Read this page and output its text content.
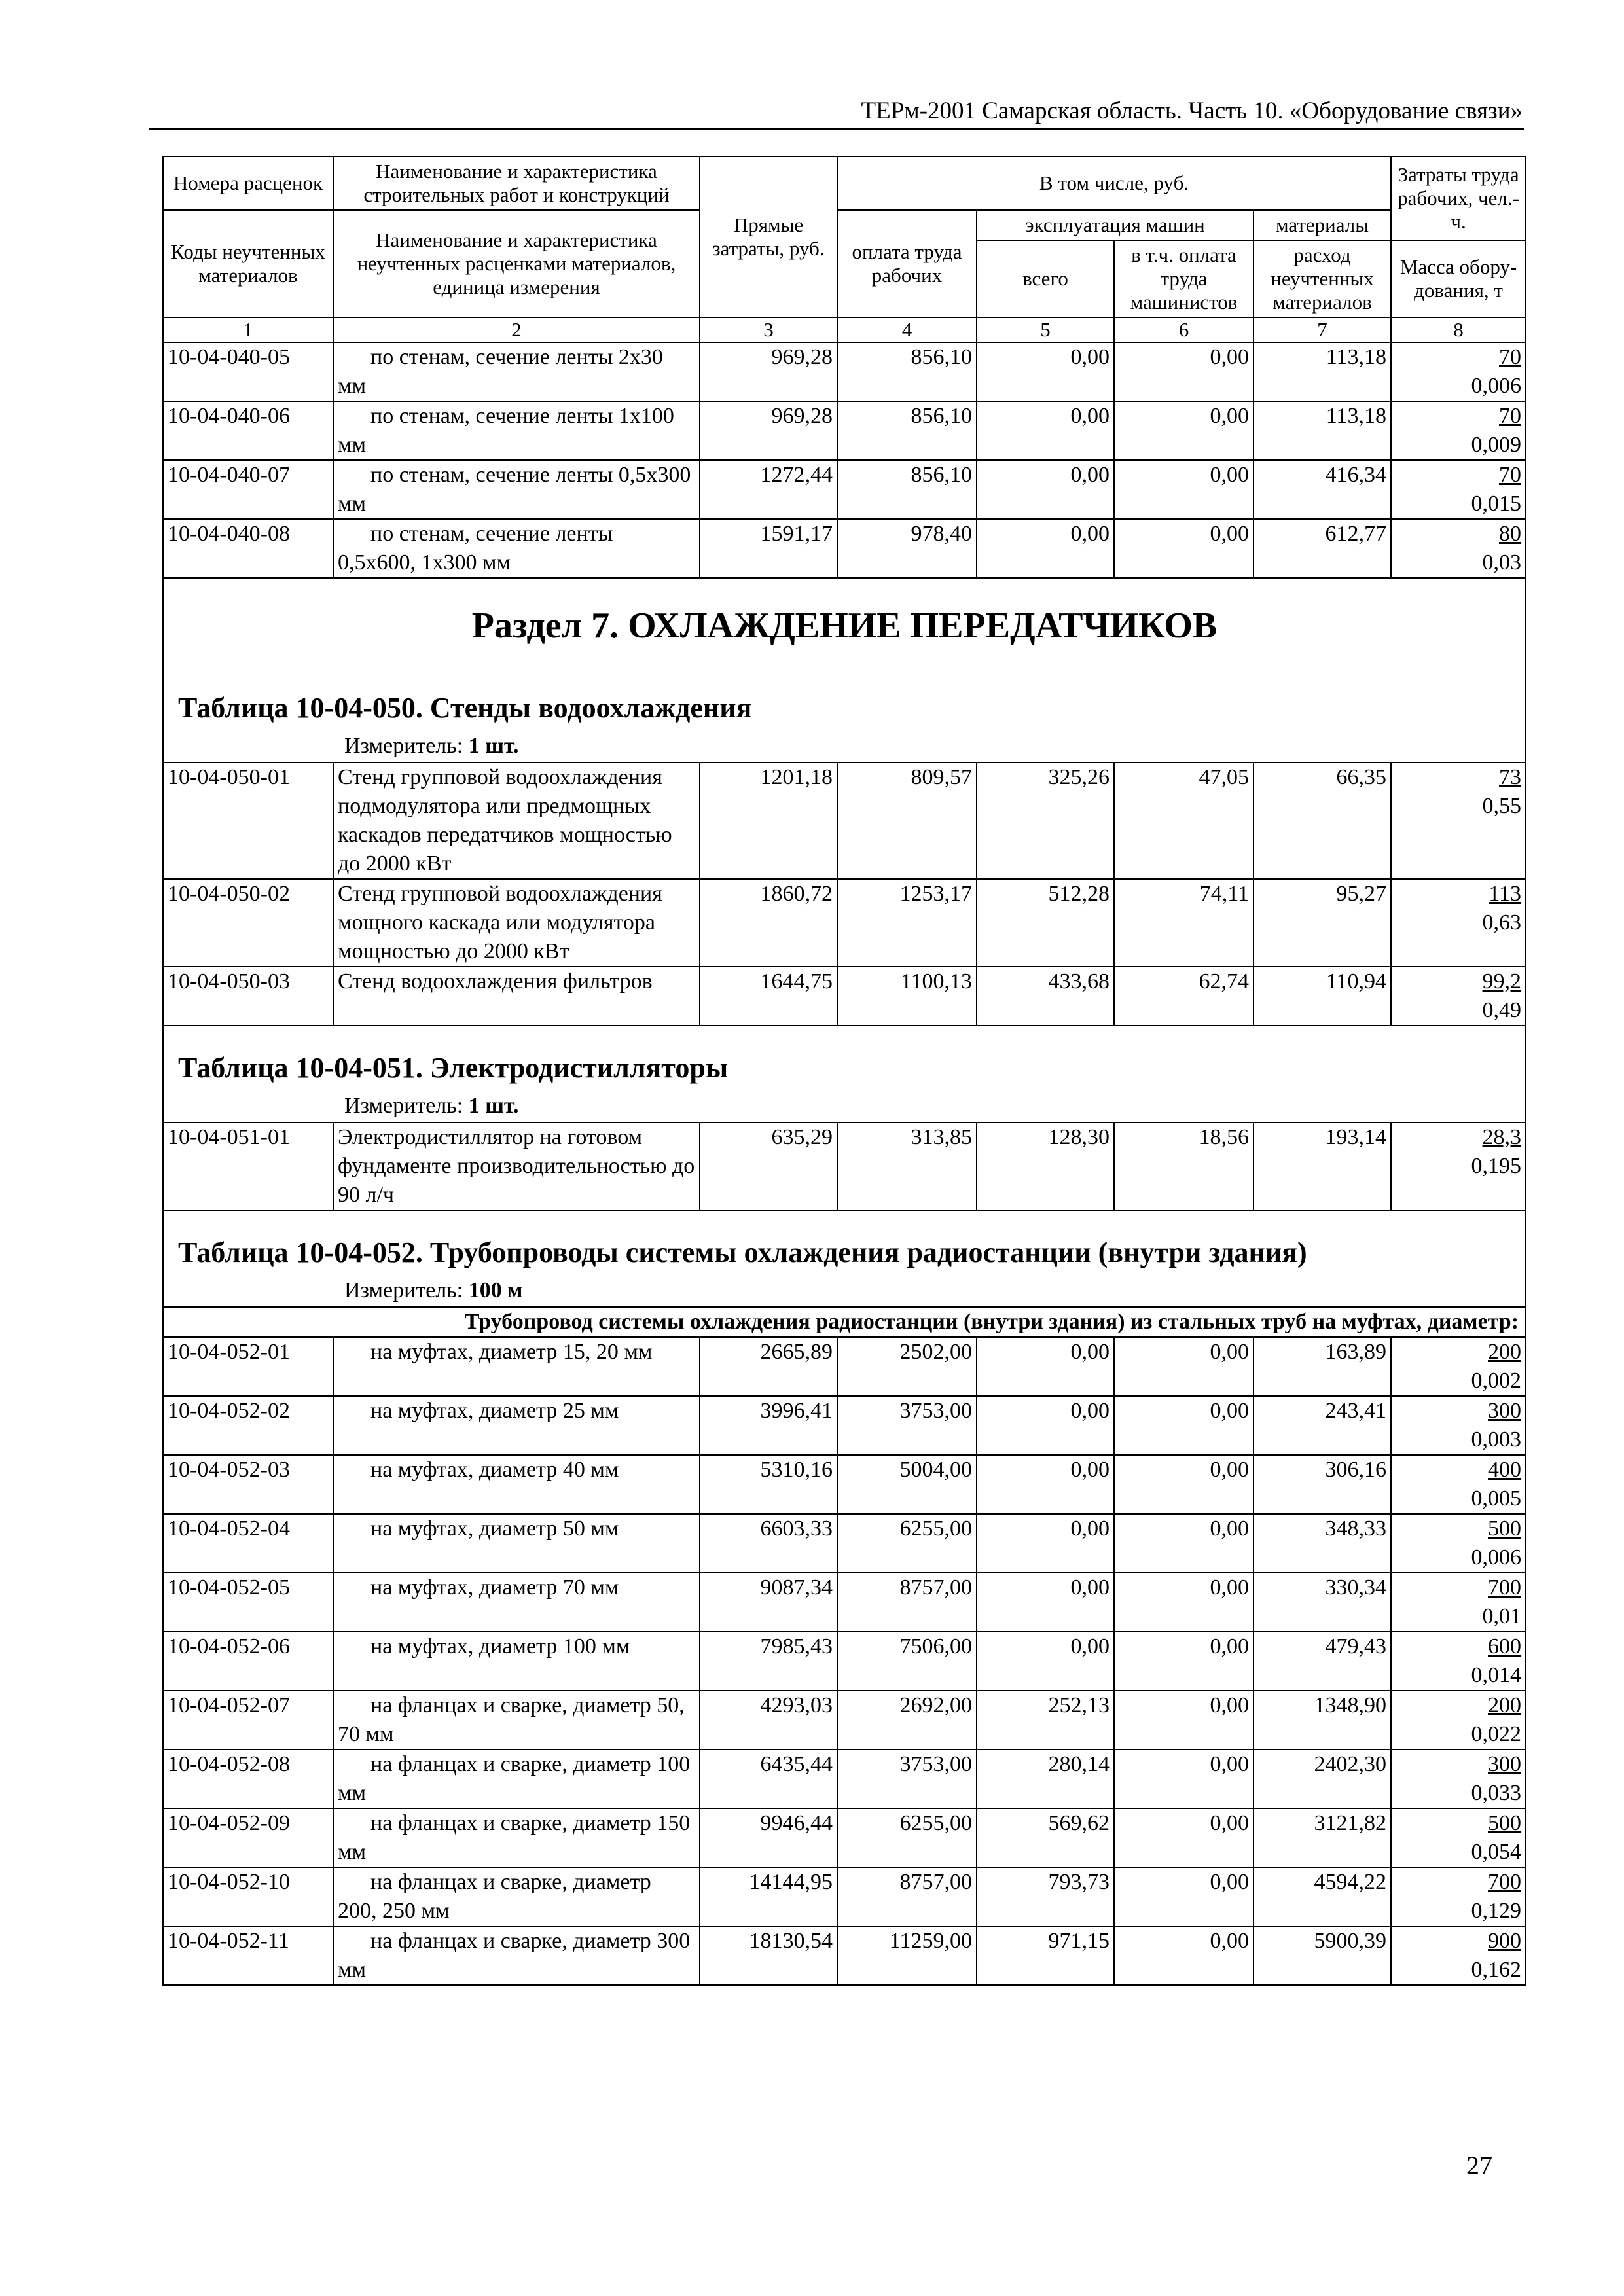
ТЕРм-2001 Самарская область. Часть 10. «Оборудование связи»
Номера расценок	Наименование и характеристика строительных работ и конструкций	Прямые затраты, руб.	В том числе, руб.				Затраты труда рабочих, чел.-ч.
Коды неучтенных материалов	Наименование и характеристика неучтенных расценками материалов, единица измерения		оплата труда рабочих	эксплуатация машин		материалы	
				всего	в т.ч. оплата труда машинистов	расход неучтенных материалов	
							Масса обору-дования, т
1	2	3	4	5	6	7	8
10-04-040-05	по стенам, сечение ленты 2х30 мм	969,28	856,10	0,00	0,00	113,18	70
0,006
10-04-040-06	по стенам, сечение ленты 1х100 мм	969,28	856,10	0,00	0,00	113,18	70
0,009
10-04-040-07	по стенам, сечение ленты 0,5х300 мм	1272,44	856,10	0,00	0,00	416,34	70
0,015
10-04-040-08	по стенам, сечение ленты 0,5х600, 1х300 мм	1591,17	978,40	0,00	0,00	612,77	80
0,03
Раздел 7. ОХЛАЖДЕНИЕ ПЕРЕДАТЧИКОВ							
Таблица 10-04-050. Стенды водоохлаждения							
Измеритель: 1 шт.							
10-04-050-01	Стенд групповой водоохлаждения подмодулятора или предмощных каскадов передатчиков мощностью до 2000 кВт	1201,18	809,57	325,26	47,05	66,35	73
0,55
10-04-050-02	Стенд групповой водоохлаждения мощного каскада или модулятора мощностью до 2000 кВт	1860,72	1253,17	512,28	74,11	95,27	113
0,63
10-04-050-03	Стенд водоохлаждения фильтров	1644,75	1100,13	433,68	62,74	110,94	99,2
0,49
Таблица 10-04-051. Электродистилляторы							
Измеритель: 1 шт.							
10-04-051-01	Электродистиллятор на готовом фундаменте производительностью до 90 л/ч	635,29	313,85	128,30	18,56	193,14	28,3
0,195
Таблица 10-04-052. Трубопроводы системы охлаждения радиостанции (внутри здания)							
Измеритель: 100 м							
Трубопровод системы охлаждения радиостанции (внутри здания) из стальных труб на муфтах, диаметр:							
10-04-052-01	на муфтах, диаметр 15, 20 мм	2665,89	2502,00	0,00	0,00	163,89	200
0,002
10-04-052-02	на муфтах, диаметр 25 мм	3996,41	3753,00	0,00	0,00	243,41	300
0,003
10-04-052-03	на муфтах, диаметр 40 мм	5310,16	5004,00	0,00	0,00	306,16	400
0,005
10-04-052-04	на муфтах, диаметр 50 мм	6603,33	6255,00	0,00	0,00	348,33	500
0,006
10-04-052-05	на муфтах, диаметр 70 мм	9087,34	8757,00	0,00	0,00	330,34	700
0,01
10-04-052-06	на муфтах, диаметр 100 мм	7985,43	7506,00	0,00	0,00	479,43	600
0,014
10-04-052-07	на фланцах и сварке, диаметр 50, 70 мм	4293,03	2692,00	252,13	0,00	1348,90	200
0,022
10-04-052-08	на фланцах и сварке, диаметр 100 мм	6435,44	3753,00	280,14	0,00	2402,30	300
0,033
10-04-052-09	на фланцах и сварке, диаметр 150 мм	9946,44	6255,00	569,62	0,00	3121,82	500
0,054
10-04-052-10	на фланцах и сварке, диаметр 200, 250 мм	14144,95	8757,00	793,73	0,00	4594,22	700
0,129
10-04-052-11	на фланцах и сварке, диаметр 300 мм	18130,54	11259,00	971,15	0,00	5900,39	900
0,162
27
